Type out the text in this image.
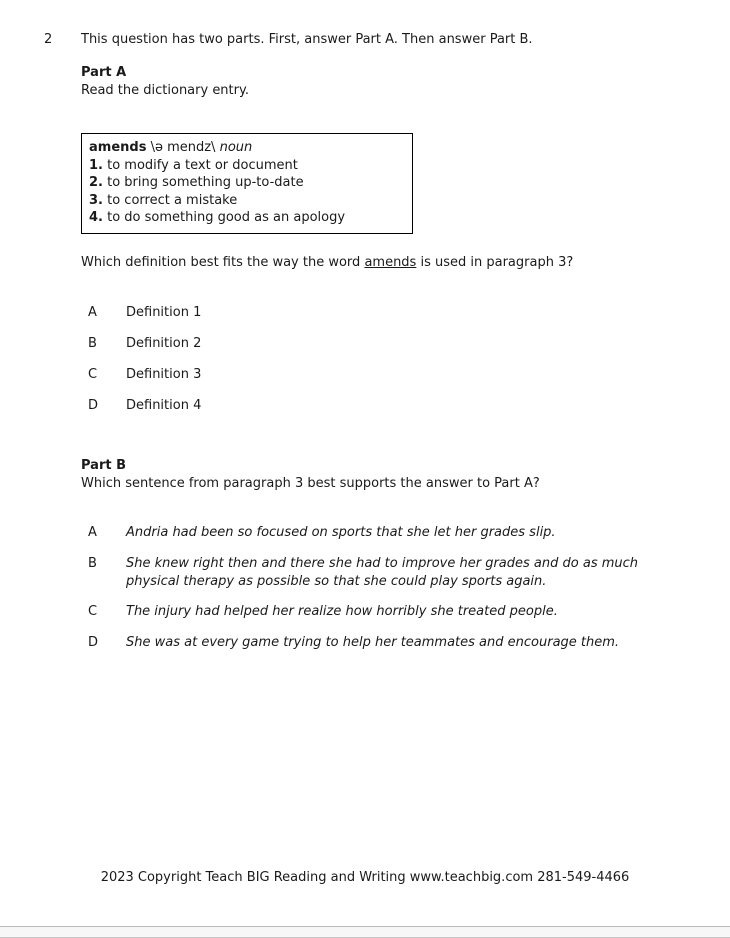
2 This question has two parts. First, answer Part A. Then answer Part B.
Part A
Read the dictionary entry.
amends \ə mendz\ noun
1. to modify a text or document
2. to bring something up-to-date
3. to correct a mistake
4. to do something good as an apology
Which definition best fits the way the word amends is used in paragraph 3?
A Definition 1
B Definition 2
C Definition 3
D Definition 4
Part B
Which sentence from paragraph 3 best supports the answer to Part A?
A Andria had been so focused on sports that she let her grades slip.
B She knew right then and there she had to improve her grades and do as much physical therapy as possible so that she could play sports again.
C The injury had helped her realize how horribly she treated people.
D She was at every game trying to help her teammates and encourage them.
2023 Copyright Teach BIG Reading and Writing www.teachbig.com 281-549-4466
